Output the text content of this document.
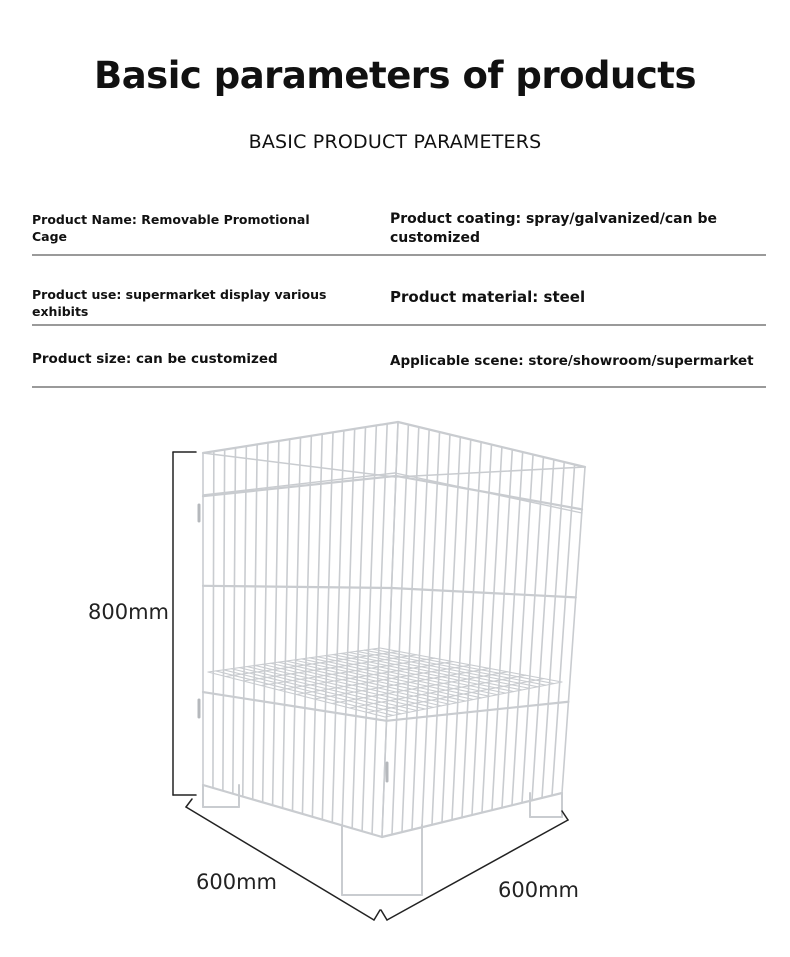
Basic parameters of products
BASIC PRODUCT PARAMETERS
Product Name: Removable Promotional Cage
Product coating: spray/galvanized/can be customized
Product use: supermarket display various exhibits
Product material: steel
Product size: can be customized	Applicable scene: store/showroom/supermarket
800mm
600mm	600mm
